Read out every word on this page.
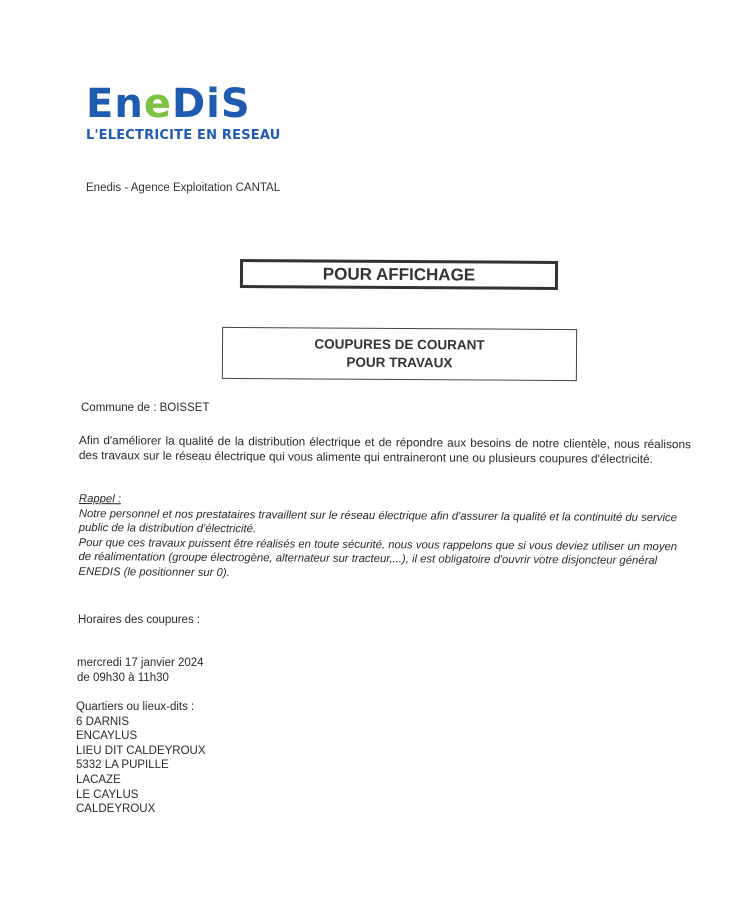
EneDiS
L'ELECTRICITE EN RESEAU
Enedis - Agence Exploitation CANTAL
POUR AFFICHAGE
COUPURES DE COURANT
POUR TRAVAUX
Commune de : BOISSET
Afin d'améliorer la qualité de la distribution électrique et de répondre aux besoins de notre clientèle, nous réalisons des travaux sur le réseau électrique qui vous alimente qui entraineront une ou plusieurs coupures d'électricité.
Rappel :

Notre personnel et nos prestataires travaillent sur le réseau électrique afin d'assurer la qualité et la continuité du service public de la distribution d'électricité.

Pour que ces travaux puissent être réalisés en toute sécurité, nous vous rappelons que si vous deviez utiliser un moyen de réalimentation (groupe électrogène, alternateur sur tracteur,...), il est obligatoire d'ouvrir votre disjoncteur général ENEDIS (le positionner sur 0).

Horaires des coupures :
mercredi 17 janvier 2024
de 09h30 à 11h30
Quartiers ou lieux-dits :
6 DARNIS
ENCAYLUS
LIEU DIT CALDEYROUX
5332 LA PUPILLE
LACAZE
LE CAYLUS
CALDEYROUX
